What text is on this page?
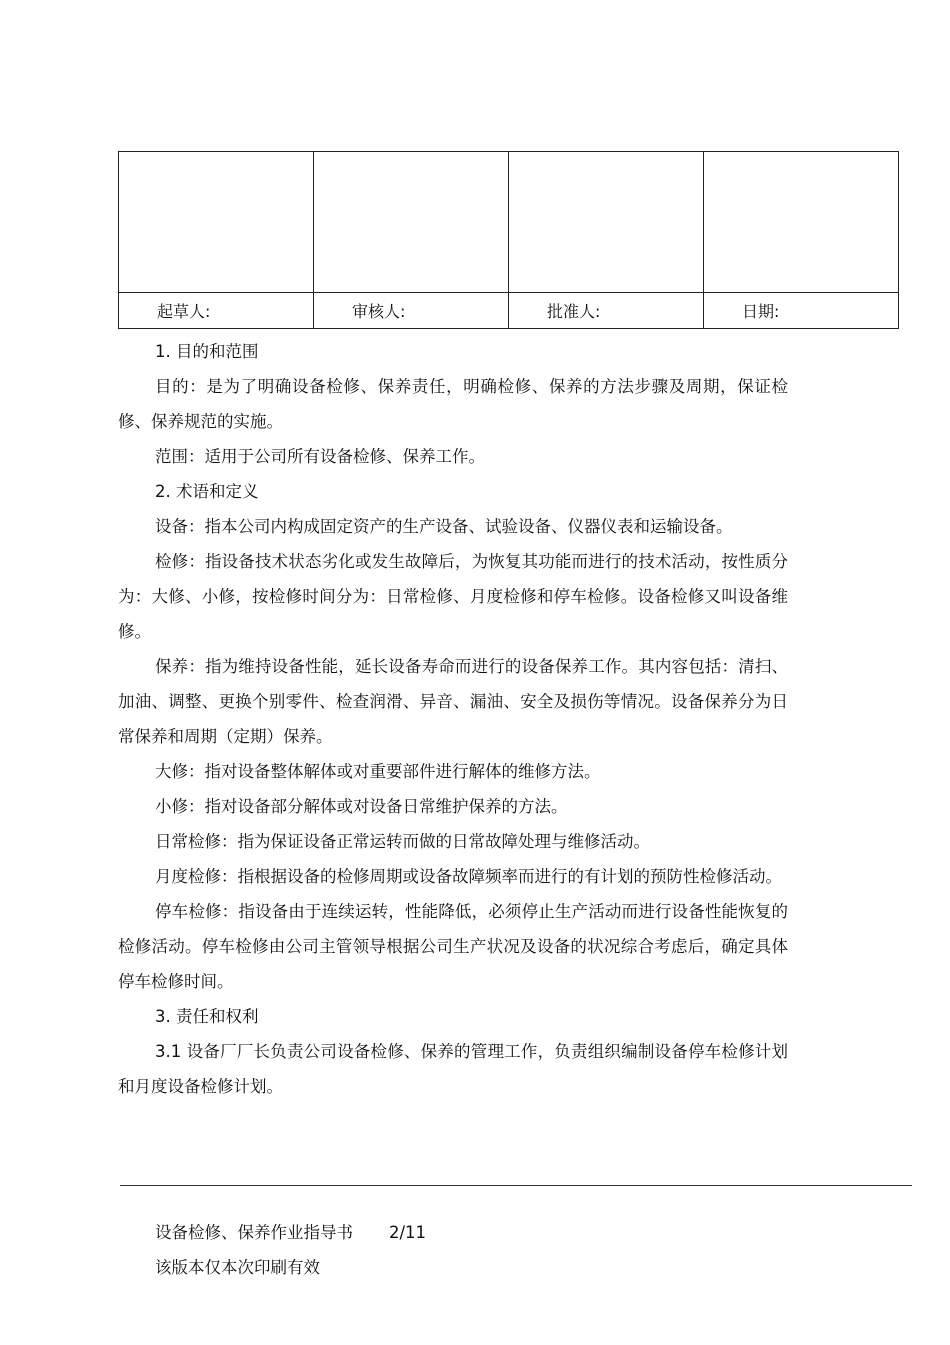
起草人:	审核人:	批准人:	日期:

1. 目的和范围

目的：是为了明确设备检修、保养责任，明确检修、保养的方法步骤及周期，保证检修、保养规范的实施。

范围：适用于公司所有设备检修、保养工作。

2. 术语和定义

设备：指本公司内构成固定资产的生产设备、试验设备、仪器仪表和运输设备。

检修：指设备技术状态劣化或发生故障后，为恢复其功能而进行的技术活动，按性质分为：大修、小修，按检修时间分为：日常检修、月度检修和停车检修。设备检修又叫设备维修。

保养：指为维持设备性能，延长设备寿命而进行的设备保养工作。其内容包括：清扫、加油、调整、更换个别零件、检查润滑、异音、漏油、安全及损伤等情况。设备保养分为日常保养和周期（定期）保养。

大修：指对设备整体解体或对重要部件进行解体的维修方法。

小修：指对设备部分解体或对设备日常维护保养的方法。

日常检修：指为保证设备正常运转而做的日常故障处理与维修活动。

月度检修：指根据设备的检修周期或设备故障频率而进行的有计划的预防性检修活动。

停车检修：指设备由于连续运转，性能降低，必须停止生产活动而进行设备性能恢复的检修活动。停车检修由公司主管领导根据公司生产状况及设备的状况综合考虑后，确定具体停车检修时间。

3. 责任和权利

3.1 设备厂厂长负责公司设备检修、保养的管理工作，负责组织编制设备停车检修计划和月度设备检修计划。

设备检修、保养作业指导书 2/11
该版本仅本次印刷有效
